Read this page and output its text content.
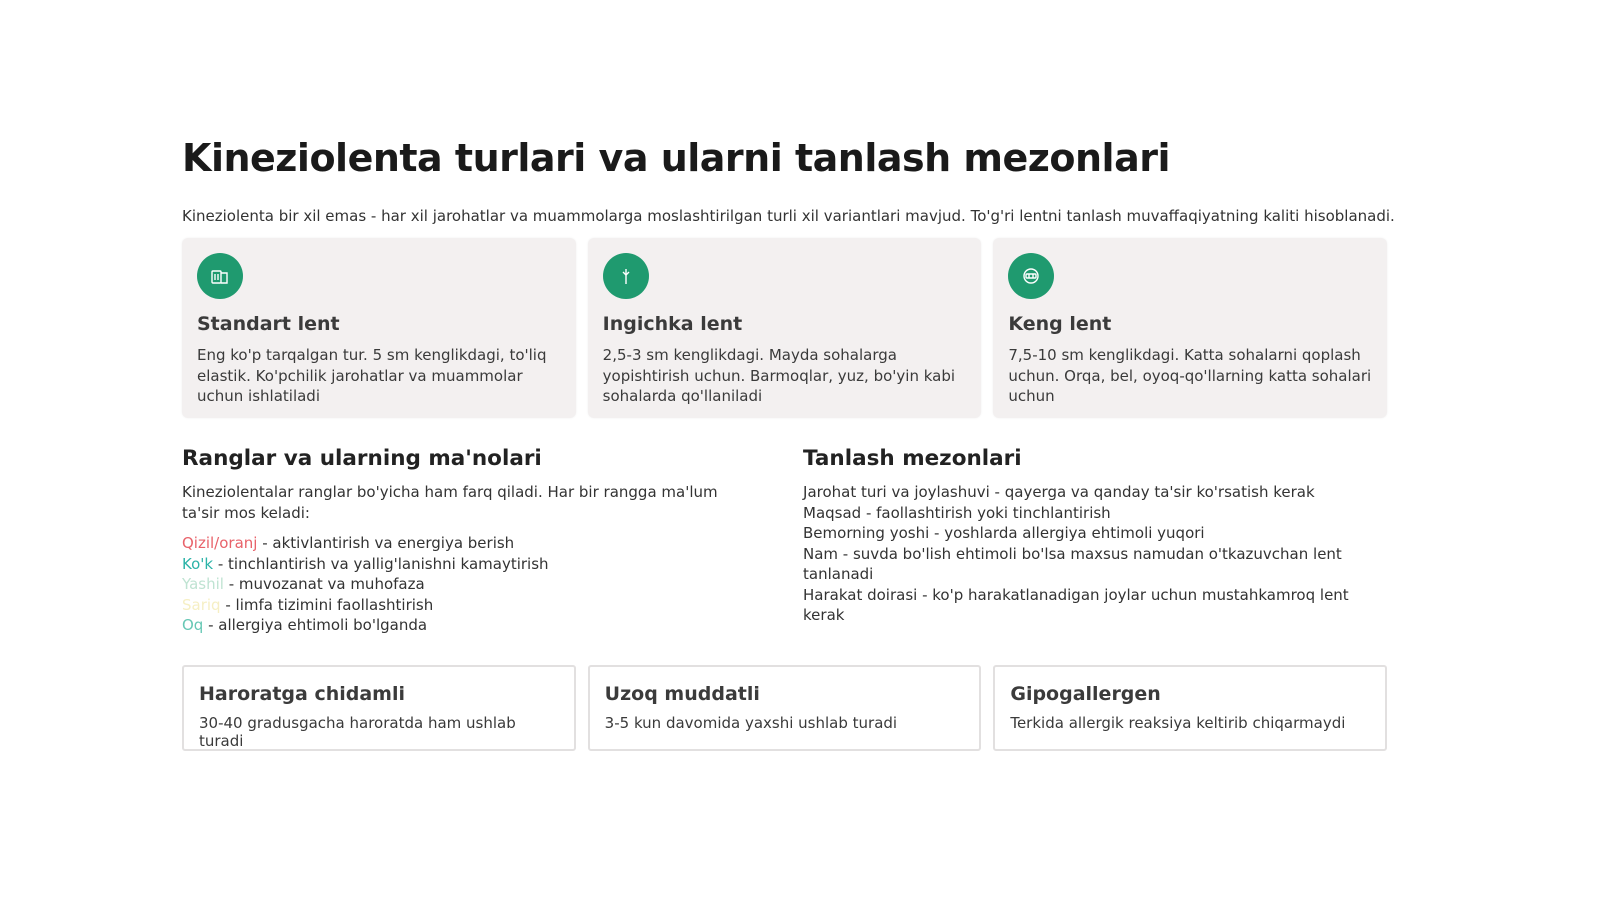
Kineziolenta turlari va ularni tanlash mezonlari
Kineziolenta bir xil emas - har xil jarohatlar va muammolarga moslashtirilgan turli xil variantlari mavjud. To'g'ri lentni tanlash muvaffaqiyatning kaliti hisoblanadi.
Standart lent

Eng ko'p tarqalgan tur. 5 sm kenglikdagi, to'liq elastik. Ko'pchilik jarohatlar va muammolar uchun ishlatiladi

Ingichka lent

2,5-3 sm kenglikdagi. Mayda sohalarga yopishtirish uchun. Barmoqlar, yuz, bo'yin kabi sohalarda qo'llaniladi

Keng lent

7,5-10 sm kenglikdagi. Katta sohalarni qoplash uchun. Orqa, bel, oyoq-qo'llarning katta sohalari uchun

Ranglar va ularning ma'nolari
Kineziolentalar ranglar bo'yicha ham farq qiladi. Har bir rangga ma'lum ta'sir mos keladi:
Qizil/oranj - aktivlantirish va energiya berish
Ko'k - tinchlantirish va yallig'lanishni kamaytirish
Yashil - muvozanat va muhofaza
Sariq - limfa tizimini faollashtirish
Oq - allergiya ehtimoli bo'lganda
Tanlash mezonlari
Jarohat turi va joylashuvi - qayerga va qanday ta'sir ko'rsatish kerak
Maqsad - faollashtirish yoki tinchlantirish
Bemorning yoshi - yoshlarda allergiya ehtimoli yuqori
Nam - suvda bo'lish ehtimoli bo'lsa maxsus namudan o'tkazuvchan lent tanlanadi
Harakat doirasi - ko'p harakatlanadigan joylar uchun mustahkamroq lent kerak
Haroratga chidamli

30-40 gradusgacha haroratda ham ushlab turadi

Uzoq muddatli

3-5 kun davomida yaxshi ushlab turadi

Gipogallergen

Terkida allergik reaksiya keltirib chiqarmaydi
